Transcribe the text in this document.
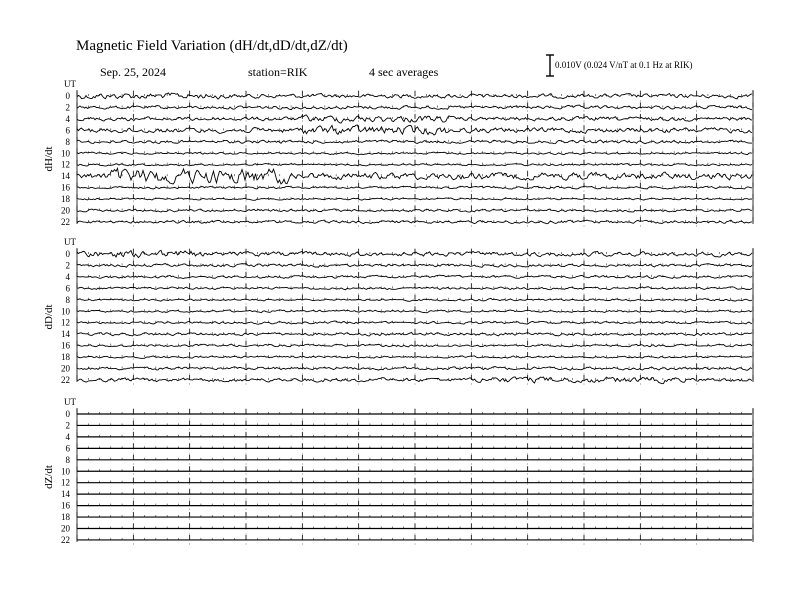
UT
dH/dt
0
2
4
6
8
10
12
14
16
18
20
22
UT
dD/dt
0
2
4
6
8
10
12
14
16
18
20
22
UT
dZ/dt
0
2
4
6
8
10
12
14
16
18
20
22
Magnetic Field Variation (dH/dt,dD/dt,dZ/dt)
Sep. 25, 2024	station=RIK	4 sec averages	0.010V (0.024 V/nT at 0.1 Hz at RIK)
